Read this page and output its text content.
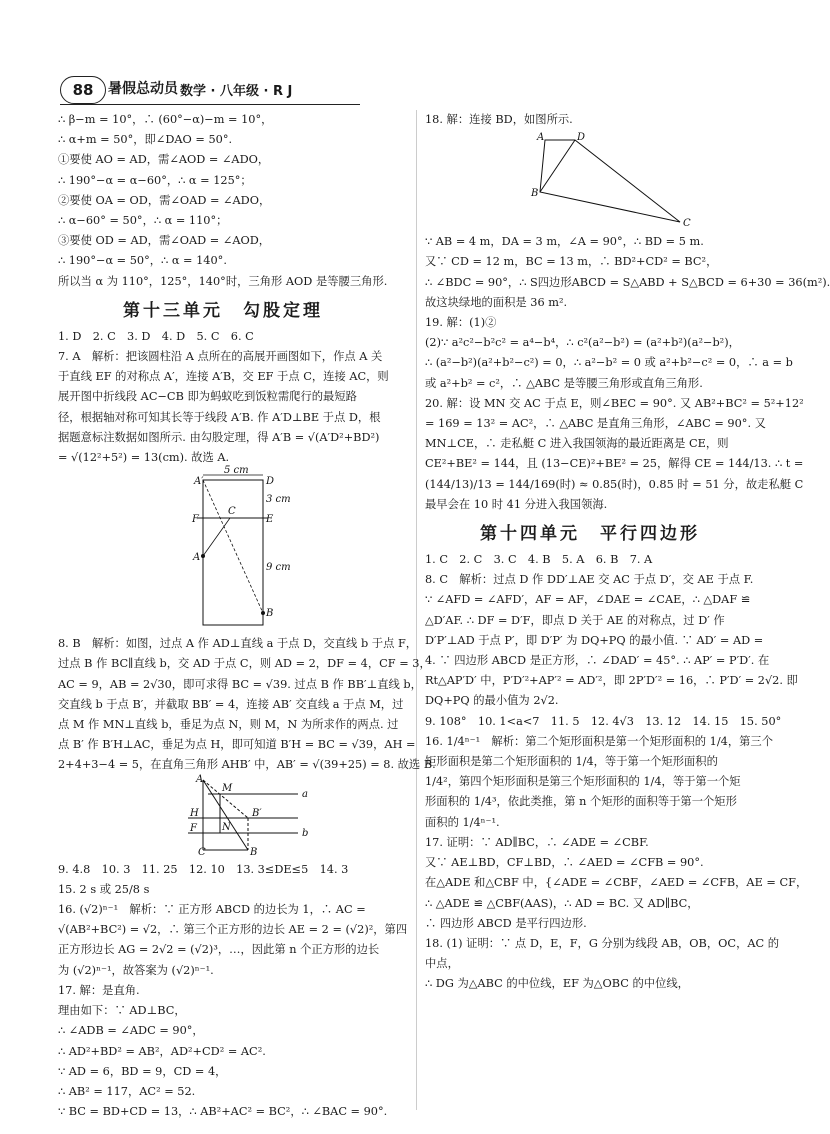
88	暑假总动员 数学 · 八年级 · R J
∴ β−m = 10°，∴ (60°−α)−m = 10°，
∴ α+m = 50°，即∠DAO = 50°.
①要使 AO = AD，需∠AOD = ∠ADO，
∴ 190°−α = α−60°，∴ α = 125°；
②要使 OA = OD，需∠OAD = ∠ADO，
∴ α−60° = 50°，∴ α = 110°；
③要使 OD = AD，需∠OAD = ∠AOD，
∴ 190°−α = 50°，∴ α = 140°.
所以当 α 为 110°，125°，140°时，三角形 AOD 是等腰三角形.
第十三单元　勾股定理
1. D　2. C　3. D　4. D　5. C　6. C
7. A　解析：把该圆柱沿 A 点所在的高展开画图如下，作点 A 关
于直线 EF 的对称点 A′，连接 A′B，交 EF 于点 C，连接 AC，则
展开图中折线段 AC−CB 即为蚂蚁吃到饭粒需爬行的最短路
径，根据轴对称可知其长等于线段 A′B. 作 A′D⊥BE 于点 D，根
据题意标注数据如图所示. 由勾股定理，得 A′B = √(A′D²+BD²)
= √(12²+5²) = 13(cm). 故选 A.
5 cm
3 cm
9 cm
A′	D
F
C
E
A
B
8. B　解析：如图，过点 A 作 AD⊥直线 a 于点 D，交直线 b 于点 F，
过点 B 作 BC∥直线 b，交 AD 于点 C，则 AD = 2，DF = 4，CF = 3，
AC = 9，AB = 2√30，即可求得 BC = √39. 过点 B 作 BB′⊥直线 b，
交直线 b 于点 B′，并截取 BB′ = 4，连接 AB′ 交直线 a 于点 M，过
点 M 作 MN⊥直线 b，垂足为点 N，则 M，N 为所求作的两点. 过
点 B′ 作 B′H⊥AC，垂足为点 H，即可知道 B′H = BC = √39，AH =
2+4+3−4 = 5，在直角三角形 AHB′ 中，AB′ = √(39+25) = 8. 故选 B.
A
M
a
H	B′
N
b
F
C	B
9. 4.8　10. 3　11. 25　12. 10　13. 3≤DE≤5　14. 3
15. 2 s 或 25/8 s
16. (√2)ⁿ⁻¹　解析：∵ 正方形 ABCD 的边长为 1，∴ AC =
√(AB²+BC²) = √2，∴ 第三个正方形的边长 AE = 2 = (√2)²，第四
正方形边长 AG = 2√2 = (√2)³，…，因此第 n 个正方形的边长
为 (√2)ⁿ⁻¹，故答案为 (√2)ⁿ⁻¹.
17. 解：是直角.
理由如下：∵ AD⊥BC，
∴ ∠ADB = ∠ADC = 90°，
∴ AD²+BD² = AB²，AD²+CD² = AC².
∵ AD = 6，BD = 9，CD = 4，
∴ AB² = 117，AC² = 52.
∵ BC = BD+CD = 13，∴ AB²+AC² = BC²，∴ ∠BAC = 90°.
18. 解：连接 BD，如图所示.
A	D
B
C
∵ AB = 4 m，DA = 3 m，∠A = 90°，∴ BD = 5 m.
又∵ CD = 12 m，BC = 13 m，∴ BD²+CD² = BC²，
∴ ∠BDC = 90°，∴ S四边形ABCD = S△ABD + S△BCD = 6+30 = 36(m²).
故这块绿地的面积是 36 m².
19. 解：(1)②
(2)∵ a²c²−b²c² = a⁴−b⁴，∴ c²(a²−b²) = (a²+b²)(a²−b²)，
∴ (a²−b²)(a²+b²−c²) = 0，∴ a²−b² = 0 或 a²+b²−c² = 0，∴ a = b
或 a²+b² = c²，∴ △ABC 是等腰三角形或直角三角形.
20. 解：设 MN 交 AC 于点 E，则∠BEC = 90°. 又 AB²+BC² = 5²+12²
= 169 = 13² = AC²，∴ △ABC 是直角三角形，∠ABC = 90°. 又
MN⊥CE，∴ 走私艇 C 进入我国领海的最近距离是 CE，则
CE²+BE² = 144，且 (13−CE)²+BE² = 25，解得 CE = 144/13. ∴ t =
(144/13)/13 = 144/169(时) ≈ 0.85(时)，0.85 时 = 51 分，故走私艇 C
最早会在 10 时 41 分进入我国领海.
第十四单元　平行四边形
1. C　2. C　3. C　4. B　5. A　6. B　7. A
8. C　解析：过点 D 作 DD′⊥AE 交 AC 于点 D′，交 AE 于点 F.
∵ ∠AFD = ∠AFD′，AF = AF，∠DAE = ∠CAE，∴ △DAF ≌
△D′AF. ∴ DF = D′F，即点 D 关于 AE 的对称点，过 D′ 作
D′P′⊥AD 于点 P′，即 D′P′ 为 DQ+PQ 的最小值. ∵ AD′ = AD =
4. ∵ 四边形 ABCD 是正方形，∴ ∠DAD′ = 45°. ∴ AP′ = P′D′. 在
Rt△AP′D′ 中，P′D′²+AP′² = AD′²，即 2P′D′² = 16，∴ P′D′ = 2√2. 即
DQ+PQ 的最小值为 2√2.
9. 108°　10. 1<a<7　11. 5　12. 4√3　13. 12　14. 15　15. 50°
16. 1/4ⁿ⁻¹　解析：第二个矩形面积是第一个矩形面积的 1/4，第三个
矩形面积是第二个矩形面积的 1/4，等于第一个矩形面积的
1/4²，第四个矩形面积是第三个矩形面积的 1/4，等于第一个矩
形面积的 1/4³，依此类推，第 n 个矩形的面积等于第一个矩形
面积的 1/4ⁿ⁻¹.
17. 证明：∵ AD∥BC，∴ ∠ADE = ∠CBF.
又∵ AE⊥BD，CF⊥BD，∴ ∠AED = ∠CFB = 90°.
在△ADE 和△CBF 中，{∠ADE = ∠CBF，∠AED = ∠CFB，AE = CF，
∴ △ADE ≌ △CBF(AAS)，∴ AD = BC. 又 AD∥BC，
∴ 四边形 ABCD 是平行四边形.
18. (1) 证明：∵ 点 D，E，F，G 分别为线段 AB，OB，OC，AC 的
中点，
∴ DG 为△ABC 的中位线，EF 为△OBC 的中位线，
